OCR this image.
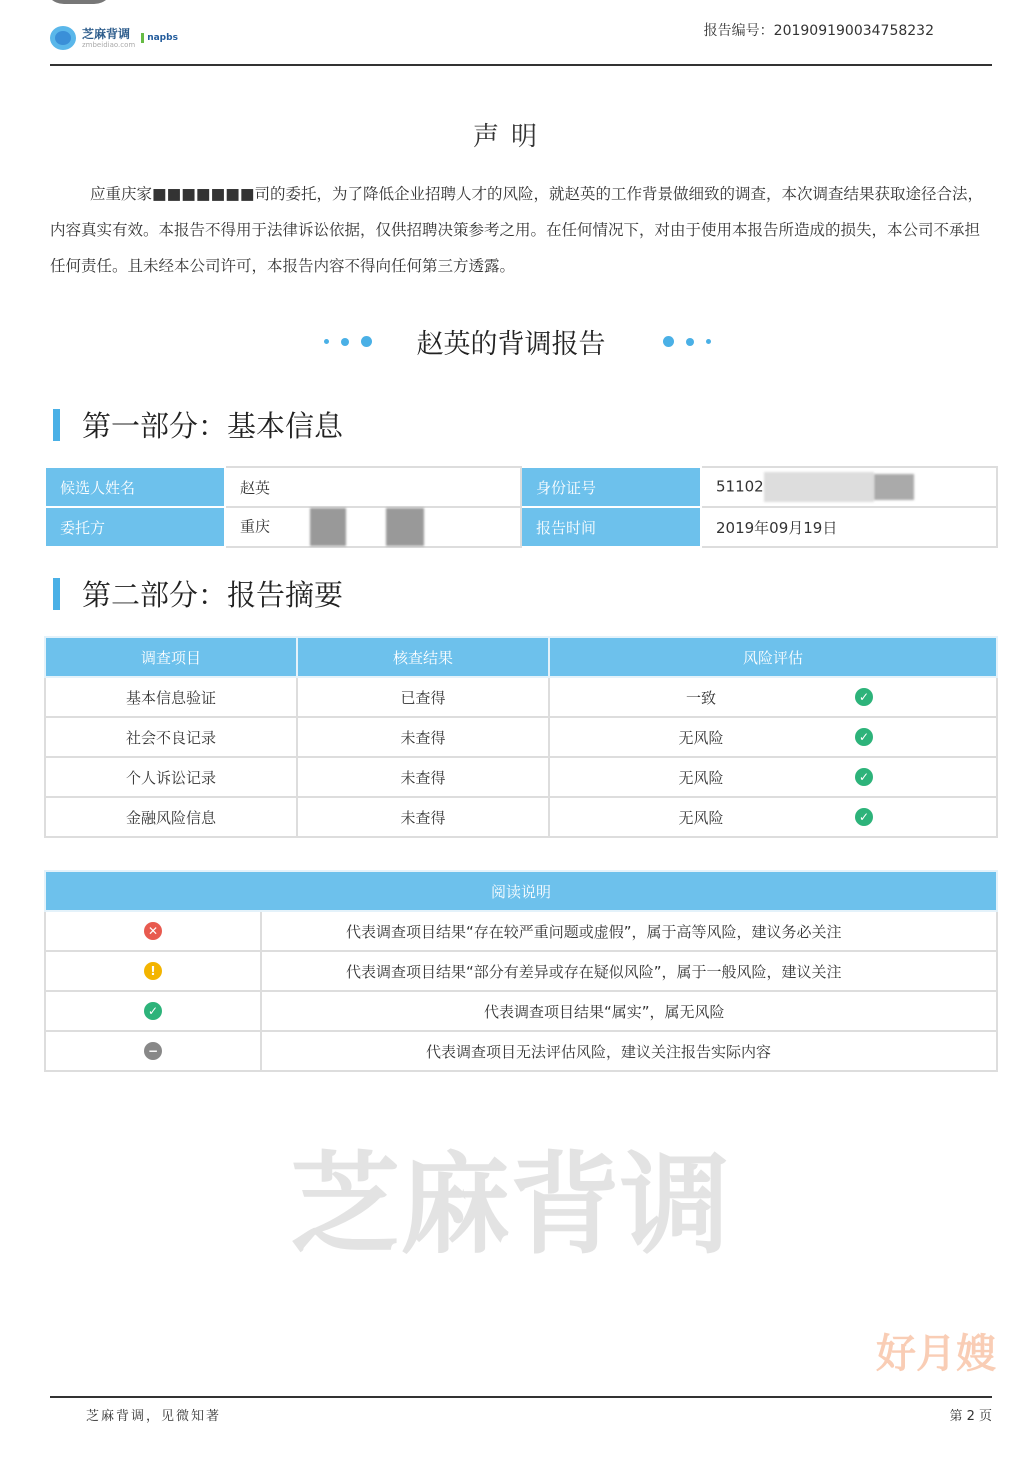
芝麻背调
zmbeidiao.com
napbs	报告编号：201909190034758232
声明
应重庆家■■■■■■■司的委托，为了降低企业招聘人才的风险，就赵英的工作背景做细致的调查，本次调查结果获取途径合法，内容真实有效。本报告不得用于法律诉讼依据，仅供招聘决策参考之用。在任何情况下，对由于使用本报告所造成的损失，本公司不承担任何责任。且未经本公司许可，本报告内容不得向任何第三方透露。
赵英的背调报告
第一部分：基本信息
候选人姓名	赵英	身份证号	51102
委托方	重庆	报告时间	2019年09月19日
第二部分：报告摘要
调查项目	核查结果	风险评估
基本信息验证	已查得	一致 ✓

社会不良记录	未查得	无风险 ✓

个人诉讼记录	未查得	无风险 ✓

金融风险信息	未查得	无风险 ✓
阅读说明	
✕	代表调查项目结果“存在较严重问题或虚假”，属于高等风险，建议务必关注
!	代表调查项目结果“部分有差异或存在疑似风险”，属于一般风险，建议关注
✓	代表调查项目结果“属实”，属无风险
−	代表调查项目无法评估风险，建议关注报告实际内容
芝麻背调
好月嫂
芝麻背调，见微知著	第 2 页
